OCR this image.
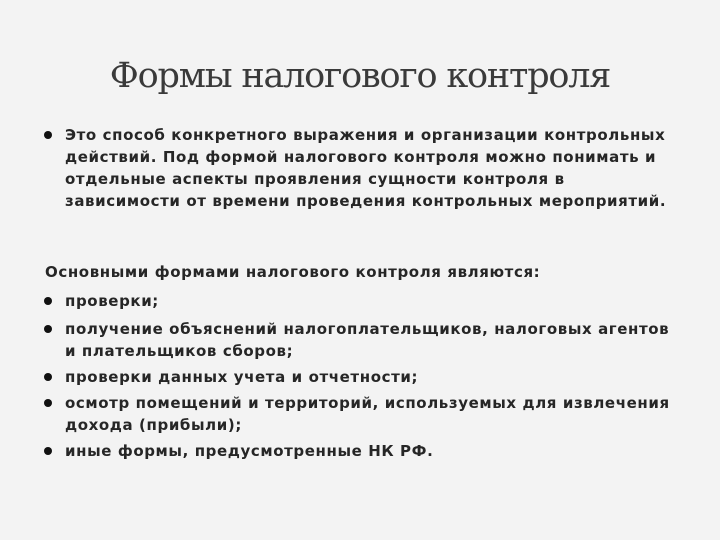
Формы налогового контроля

Это способ конкретного выражения и организации контрольных действий. Под формой налогового контроля можно понимать и отдельные аспекты проявления сущности контроля в зависимости от времени проведения контрольных мероприятий.

Основными формами налогового контроля являются:

проверки;

получение объяснений налогоплательщиков, налоговых агентов и плательщиков сборов;

проверки данных учета и отчетности;

осмотр помещений и территорий, используемых для извлечения дохода (прибыли);

иные формы, предусмотренные НК РФ.
